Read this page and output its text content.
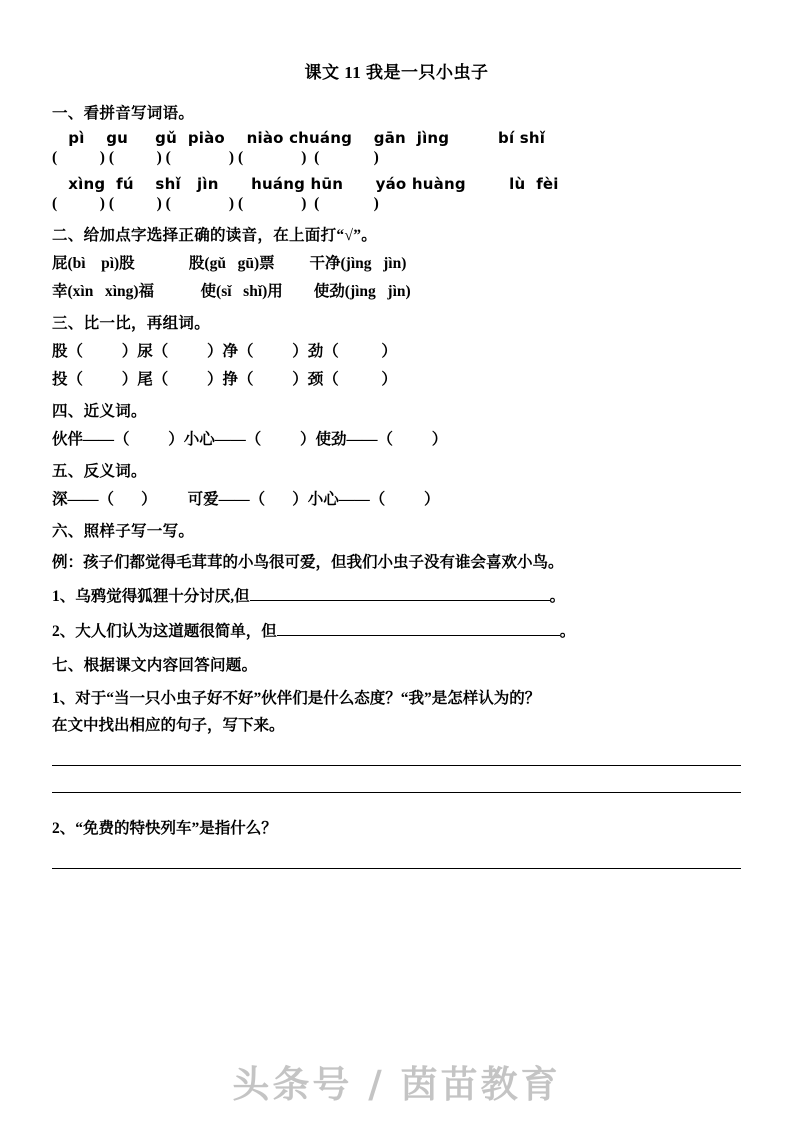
课文 11 我是一只小虫子
一、看拼音写词语。
pì    gu     gǔ  piào    niào chuáng    gān  jìng         bí shǐ
(           ) (           ) (               ) (               )  (              )
xìng  fú    shǐ   jìn      huáng hūn      yáo huàng        lù  fèi
(           ) (           ) (               ) (               )  (              )
二、给加点字选择正确的读音，在上面打“√”。
屁(bì    pì)股              股(gǔ   gū)票         干净(jìng   jìn)
幸(xìn   xìng)福            使(sǐ   shǐ)用        使劲(jìng   jìn)
三、比一比，再组词。
股（          ）尿（          ）净（          ）劲（           ）
投（          ）尾（          ）挣（          ）颈（           ）
四、近义词。
伙伴——（          ）小心——（          ）使劲——（          ）
五、反义词。
深——（       ）        可爱——（       ）小心——（          ）
六、照样子写一写。
例：孩子们都觉得毛茸茸的小鸟很可爱，但我们小虫子没有谁会喜欢小鸟。
1、乌鸦觉得狐狸十分讨厌,但	。
2、大人们认为这道题很简单，但	。
七、根据课文内容回答问题。
1、对于“当一只小虫子好不好”伙伴们是什么态度？“我”是怎样认为的？
在文中找出相应的句子，写下来。
2、“免费的特快列车”是指什么？
头条号 / 茵苗教育
